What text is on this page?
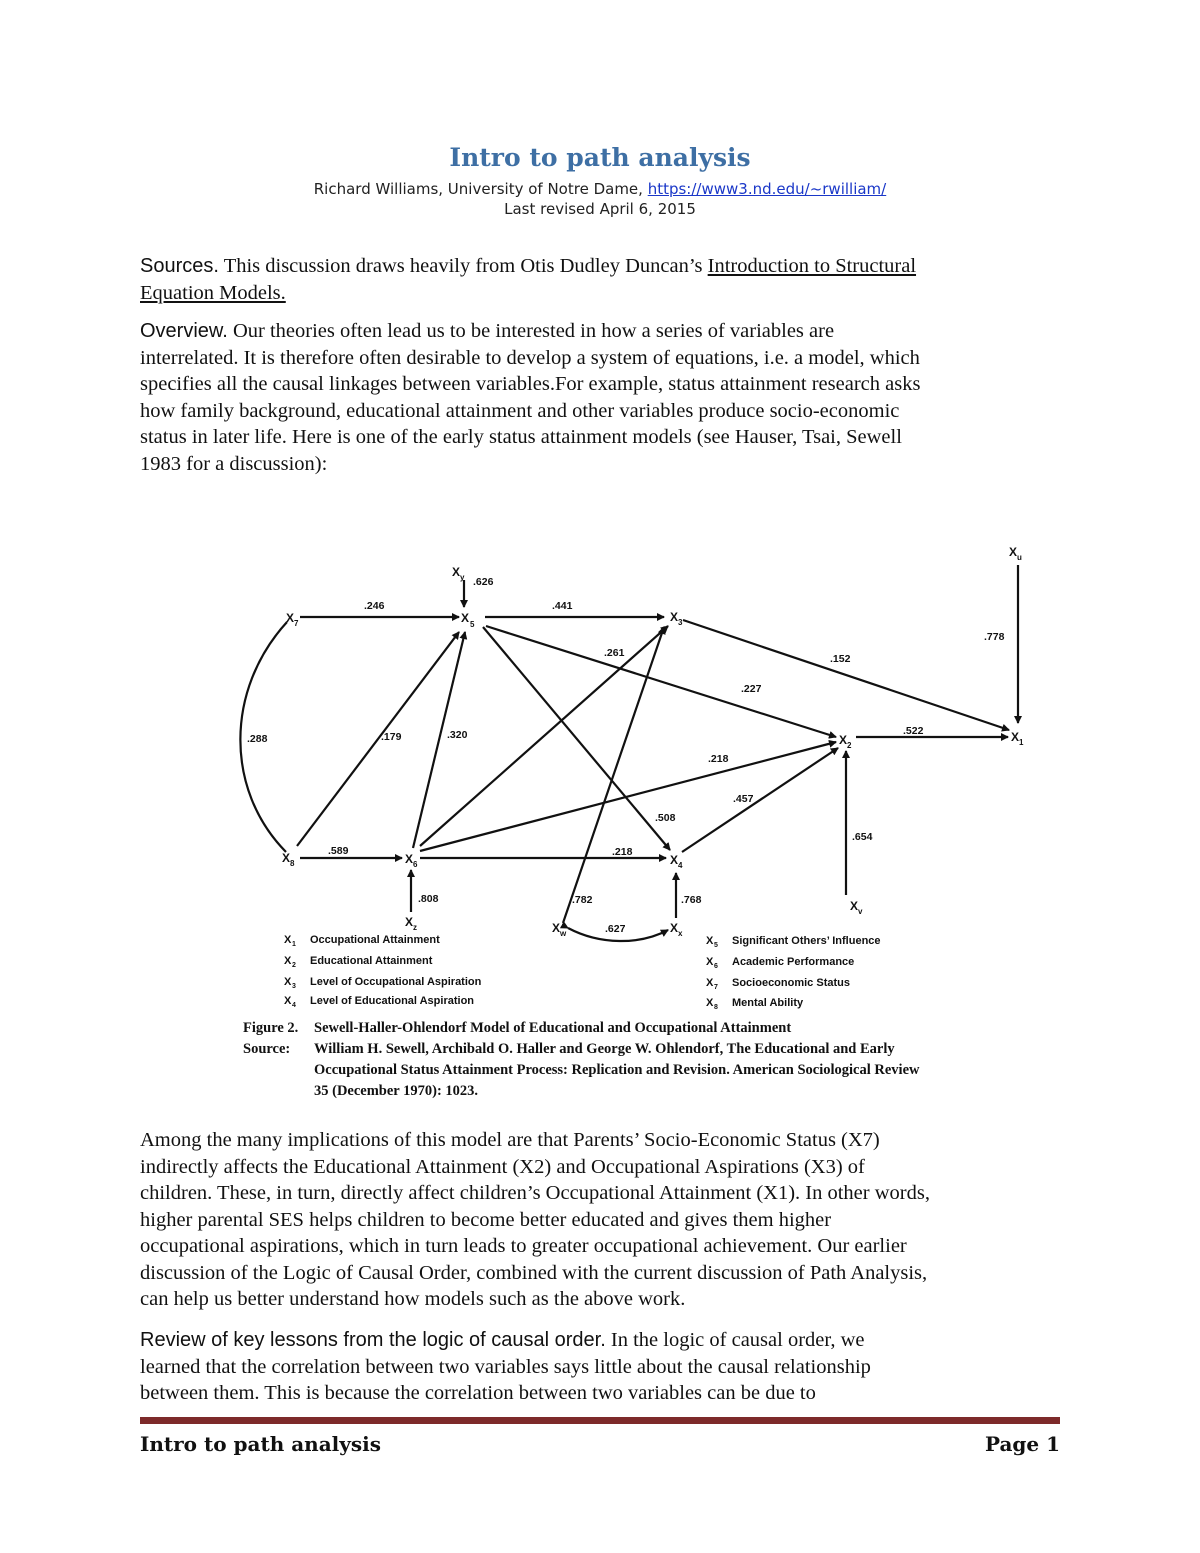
Intro to path analysis
Richard Williams, University of Notre Dame, https://www3.nd.edu/~rwilliam/
Last revised April 6, 2015
Sources. This discussion draws heavily from Otis Dudley Duncan’s Introduction to Structural
Equation Models.
Overview. Our theories often lead us to be interested in how a series of variables are
interrelated. It is therefore often desirable to develop a system of equations, i.e. a model, which
specifies all the causal linkages between variables.For example, status attainment research asks
how family background, educational attainment and other variables produce socio-economic
status in later life. Here is one of the early status attainment models (see Hauser, Tsai, Sewell
1983 for a discussion):
X 7	X 5
X y
X 3
X 2
X 1
X u
X 8	X 6	X 4
X z	X w	X x
X v
.246
.626
.441
.152
.227
.261
.778
.288	.179	.320	.522
.218
.457
.508
.589	.218
.654
.808	.782	.768
.627
X 1 Occupational Attainment
X 2 Educational Attainment
X 3 Level of Occupational Aspiration
X 4 Level of Educational Aspiration
X 5 Significant Others’ Influence
X 6 Academic Performance
X 7 Socioeconomic Status
X 8 Mental Ability
Figure 2. Sewell-Haller-Ohlendorf Model of Educational and Occupational Attainment
Source: William H. Sewell, Archibald O. Haller and George W. Ohlendorf, The Educational and Early
Occupational Status Attainment Process: Replication and Revision. American Sociological Review
35 (December 1970): 1023.
Among the many implications of this model are that Parents’ Socio-Economic Status (X7)
indirectly affects the Educational Attainment (X2) and Occupational Aspirations (X3) of
children. These, in turn, directly affect children’s Occupational Attainment (X1). In other words,
higher parental SES helps children to become better educated and gives them higher
occupational aspirations, which in turn leads to greater occupational achievement. Our earlier
discussion of the Logic of Causal Order, combined with the current discussion of Path Analysis,
can help us better understand how models such as the above work.
Review of key lessons from the logic of causal order. In the logic of causal order, we
learned that the correlation between two variables says little about the causal relationship
between them. This is because the correlation between two variables can be due to
Intro to path analysis	Page 1
